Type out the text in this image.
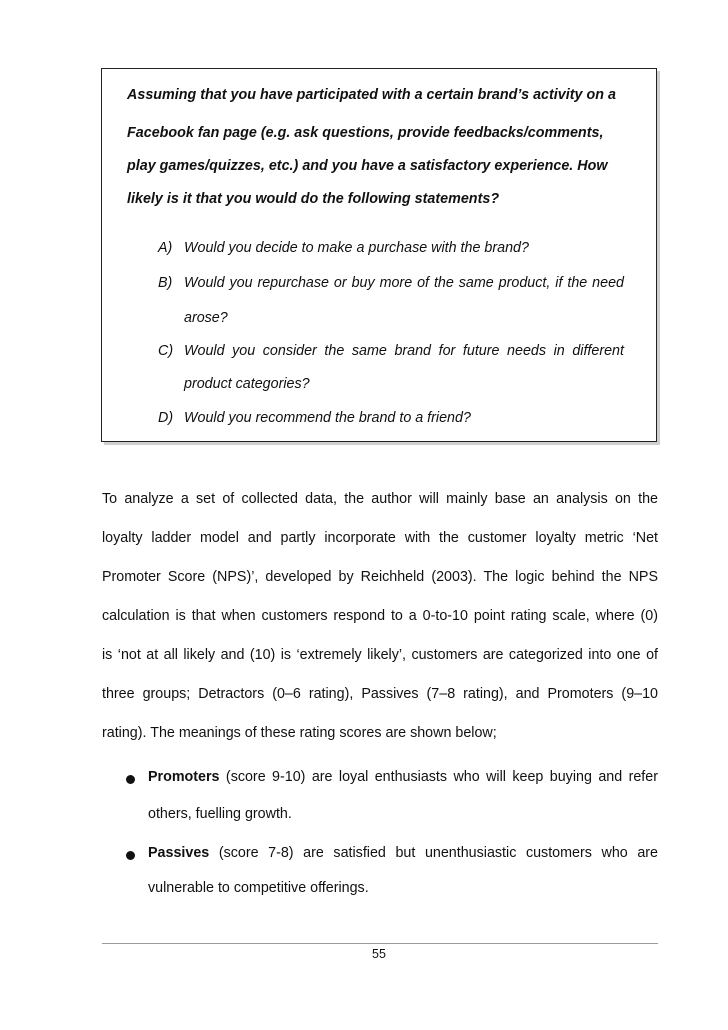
Assuming that you have participated with a certain brand’s activity on a
Facebook fan page (e.g. ask questions, provide feedbacks/comments,
play games/quizzes, etc.) and you have a satisfactory experience. How
likely is it that you would do the following statements?
A) Would you decide to make a purchase with the brand?
B) Would you repurchase or buy more of the same product, if the need
arose?
C) Would you consider the same brand for future needs in different
product categories?
D) Would you recommend the brand to a friend?
To analyze a set of collected data, the author will mainly base an analysis on the
loyalty ladder model and partly incorporate with the customer loyalty metric ‘Net
Promoter Score (NPS)’, developed by Reichheld (2003). The logic behind the NPS
calculation is that when customers respond to a 0-to-10 point rating scale, where (0)
is ‘not at all likely and (10) is ‘extremely likely’, customers are categorized into one of
three groups; Detractors (0–6 rating), Passives (7–8 rating), and Promoters (9–10
rating). The meanings of these rating scores are shown below;
Promoters (score 9-10) are loyal enthusiasts who will keep buying and refer
others, fuelling growth.
Passives (score 7-8) are satisfied but unenthusiastic customers who are
vulnerable to competitive offerings.
55
